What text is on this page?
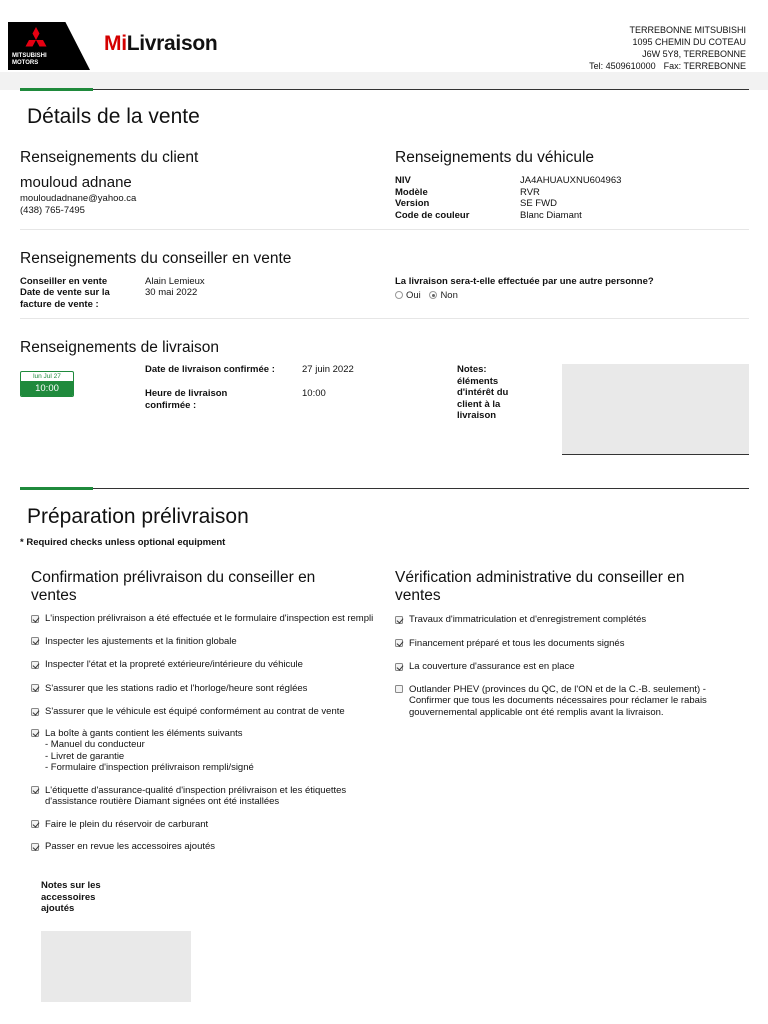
MITSUBISHI MOTORS
MiLivraison
TERREBONNE MITSUBISHI
1095 CHEMIN DU COTEAU
J6W 5Y8, TERREBONNE
Tel: 4509610000 Fax: TERREBONNE
Détails de la vente
Renseignements du client
mouloud adnane
mouloudadnane@yahoo.ca
(438) 765-7495
Renseignements du véhicule
NIV	JA4AHUAUXNU604963
Modèle	RVR
Version	SE FWD
Code de couleur	Blanc Diamant
Renseignements du conseiller en vente
Conseiller en vente	Alain Lemieux
Date de vente sur la facture de vente :
30 mai 2022
La livraison sera-t-elle effectuée par une autre personne?
Oui Non
Renseignements de livraison
lun Jul 27
10:00
Date de livraison confirmée :	27 juin 2022
Heure de livraison confirmée :
10:00
Notes: éléments d'intérêt du client à la livraison
Préparation prélivraison
* Required checks unless optional equipment
Confirmation prélivraison du conseiller en ventes
L'inspection prélivraison a été effectuée et le formulaire d'inspection est rempli
Inspecter les ajustements et la finition globale
Inspecter l'état et la propreté extérieure/intérieure du véhicule
S'assurer que les stations radio et l'horloge/heure sont réglées
S'assurer que le véhicule est équipé conformément au contrat de vente
La boîte à gants contient les éléments suivants
- Manuel du conducteur
- Livret de garantie
- Formulaire d'inspection prélivraison rempli/signé
L'étiquette d'assurance-qualité d'inspection prélivraison et les étiquettes d'assistance routière Diamant signées ont été installées
Faire le plein du réservoir de carburant
Passer en revue les accessoires ajoutés
Notes sur les accessoires ajoutés
Vérification administrative du conseiller en ventes
Travaux d'immatriculation et d'enregistrement complétés
Financement préparé et tous les documents signés
La couverture d'assurance est en place
Outlander PHEV (provinces du QC, de l'ON et de la C.-B. seulement) - Confirmer que tous les documents nécessaires pour réclamer le rabais gouvernemental applicable ont été remplis avant la livraison.
